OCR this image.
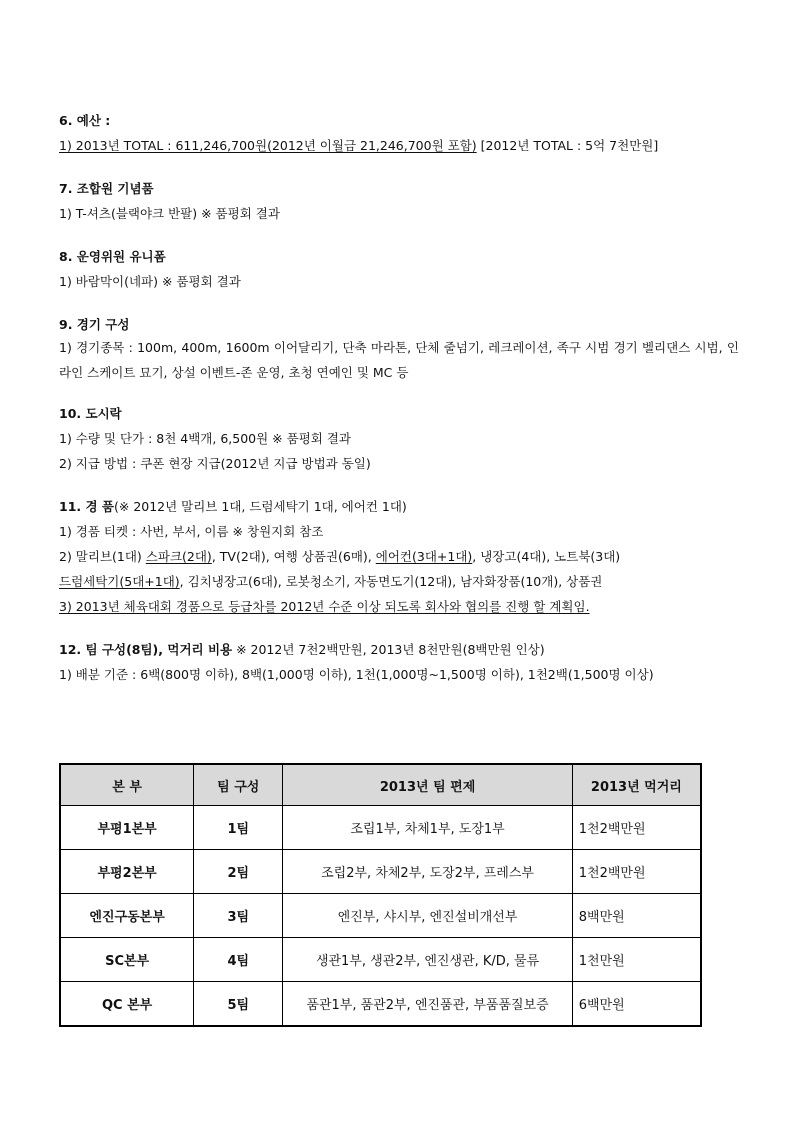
6. 예산 :
1) 2013년 TOTAL : 611,246,700원(2012년 이월금 21,246,700원 포함) [2012년 TOTAL : 5억 7천만원]
7. 조합원 기념품
1) T-셔츠(블랙야크 반팔) ※ 품평회 결과
8. 운영위원 유니폼
1) 바람막이(네파) ※ 품평회 결과
9. 경기 구성
1) 경기종목 : 100m, 400m, 1600m 이어달리기, 단축 마라톤, 단체 줄넘기, 레크레이션, 족구 시범 경기 벨리댄스 시범, 인라인 스케이트 묘기, 상설 이벤트-존 운영, 초청 연예인 및 MC 등
10. 도시락
1) 수량 및 단가 : 8천 4백개, 6,500원 ※ 품평회 결과
2) 지급 방법 : 쿠폰 현장 지급(2012년 지급 방법과 동일)
11. 경 품(※ 2012년 말리브 1대, 드럼세탁기 1대, 에어컨 1대)
1) 경품 티켓 : 사번, 부서, 이름 ※ 창원지회 참조
2) 말리브(1대) 스파크(2대), TV(2대), 여행 상품권(6매), 에어컨(3대+1대), 냉장고(4대), 노트북(3대)
드럼세탁기(5대+1대), 김치냉장고(6대), 로봇청소기, 자동면도기(12대), 남자화장품(10개), 상품권
3) 2013년 체육대회 경품으로 등급차를 2012년 수준 이상 되도록 회사와 협의를 진행 할 계획임.
12. 팀 구성(8팀), 먹거리 비용 ※ 2012년 7천2백만원, 2013년 8천만원(8백만원 인상)
1) 배분 기준 : 6백(800명 이하), 8백(1,000명 이하), 1천(1,000명~1,500명 이하), 1천2백(1,500명 이상)
본 부	팀 구성	2013년 팀 편제	2013년 먹거리
부평1본부	1팀	조립1부, 차체1부, 도장1부	1천2백만원
부평2본부	2팀	조립2부, 차체2부, 도장2부, 프레스부	1천2백만원
엔진구동본부	3팀	엔진부, 샤시부, 엔진설비개선부	8백만원
SC본부	4팀	생관1부, 생관2부, 엔진생관, K/D, 물류	1천만원
QC 본부	5팀	품관1부, 품관2부, 엔진품관, 부품품질보증	6백만원
